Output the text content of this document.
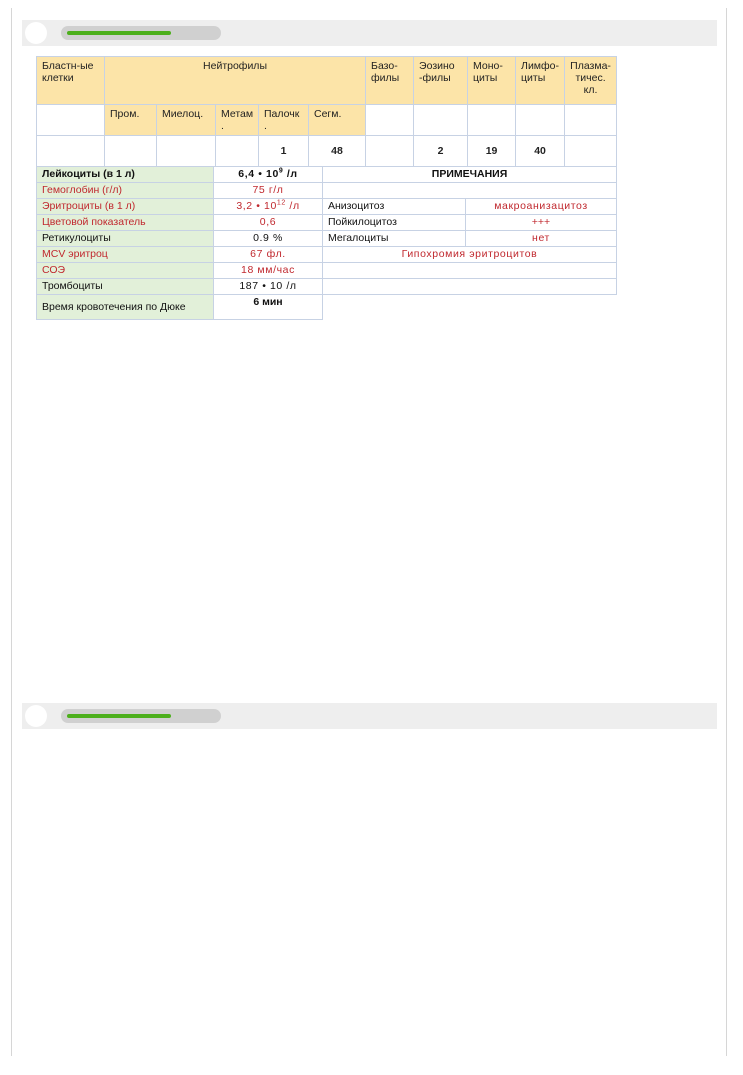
Бластн-ые клетки	Нейтрофилы					Базо-филы	Эозино -филы	Моно-циты	Лимфо-циты	Плазма-тичес. кл.
	Пром.	Миелоц.	Метам .	Палочк .	Сегм.					
				1	48		2	19	40	
Лейкоциты (в 1 л)	6,4 • $10^9$ /л	ПРИМЕЧАНИЯ	
Гемоглобин (г/л)	75 г/л		
Эритроциты (в 1 л)	3,2 • $10^{12}$ /л	Анизоцитоз	макроанизацитоз
Цветовой показатель	0,6	Пойкилоцитоз	+++
Ретикулоциты	0.9 %	Мегалоциты	нет
MCV эритроц	67 фл.	Гипохромия эритроцитов	
СОЭ	18 мм/час		
Тромбоциты	187 • 10 /л		
Время кровотечения по Дюке	6 мин		
